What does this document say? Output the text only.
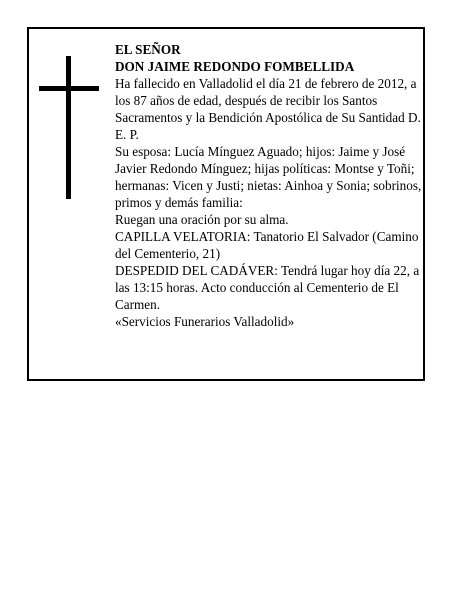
EL SEÑOR

DON JAIME REDONDO FOMBELLIDA

Ha fallecido en Valladolid el día 21 de febrero de 2012, a los 87 años de edad, después de recibir los Santos Sacramentos y la Bendición Apostólica de Su Santidad D. E. P.

Su esposa: Lucía Mínguez Aguado; hijos: Jaime y José Javier Redondo Mínguez; hijas políticas: Montse y Toñi; hermanas: Vicen y Justi; nietas: Ainhoa y Sonia; sobrinos, primos y demás familia:

Ruegan una oración por su alma.

CAPILLA VELATORIA: Tanatorio El Salvador (Camino del Cementerio, 21)

DESPEDID DEL CADÁVER: Tendrá lugar hoy día 22, a las 13:15 horas. Acto conducción al Cementerio de El Carmen.

«Servicios Funerarios Valladolid»
